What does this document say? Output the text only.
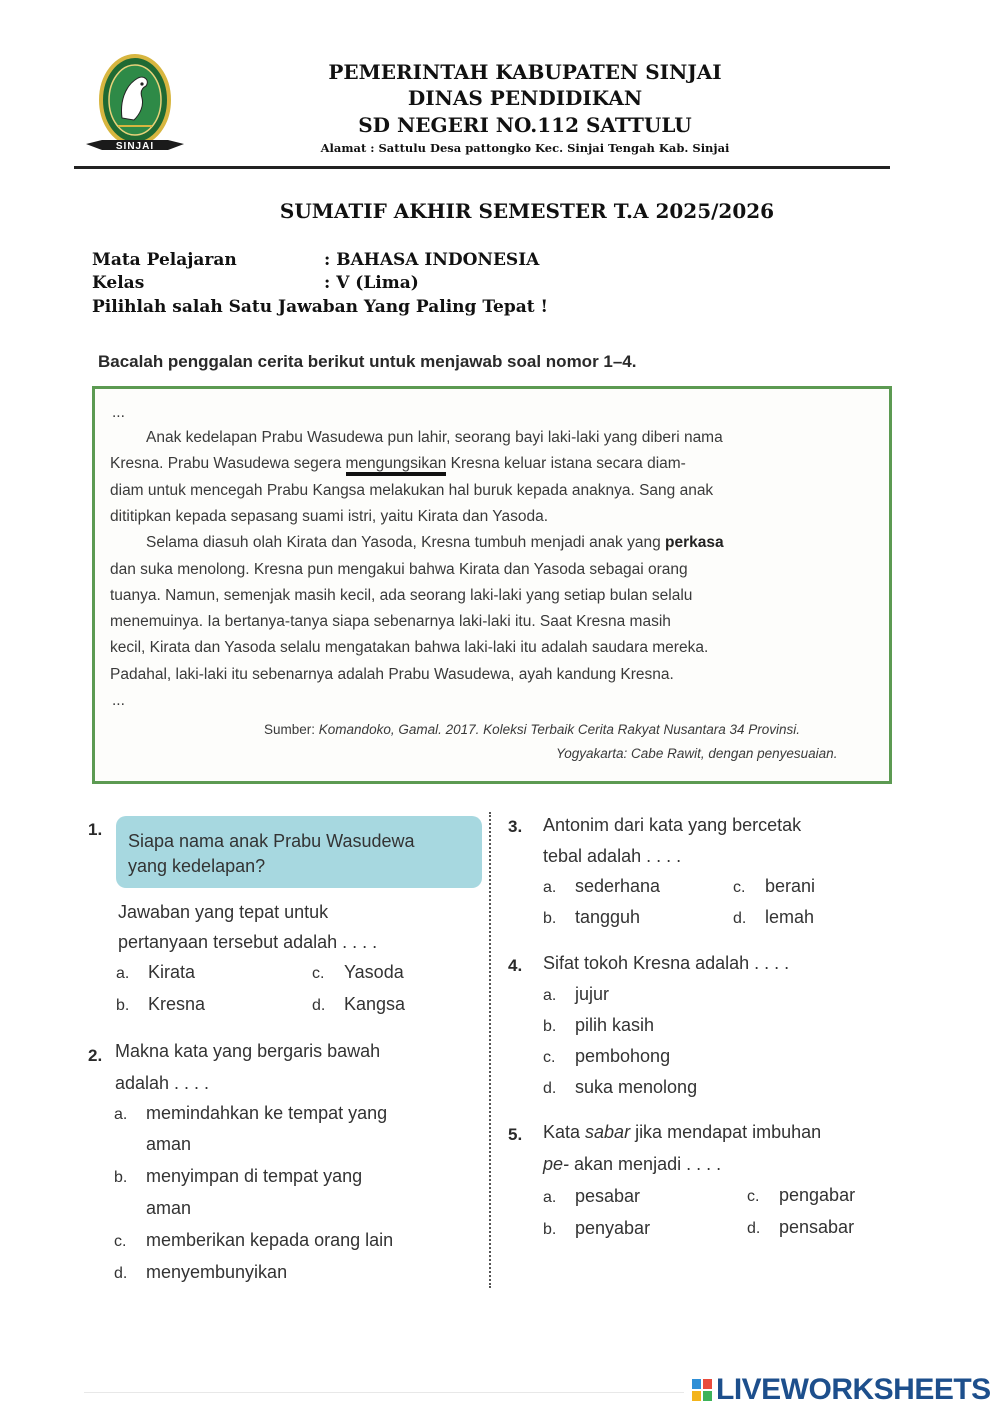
SINJAI
PEMERINTAH KABUPATEN SINJAI
DINAS PENDIDIKAN
SD NEGERI NO.112 SATTULU
Alamat : Sattulu Desa pattongko Kec. Sinjai Tengah Kab. Sinjai
SUMATIF AKHIR SEMESTER T.A 2025/2026
Mata Pelajaran	: BAHASA INDONESIA
Kelas	: V (Lima)
Pilihlah salah Satu Jawaban Yang Paling Tepat !
Bacalah penggalan cerita berikut untuk menjawab soal nomor 1–4.
...
Anak kedelapan Prabu Wasudewa pun lahir, seorang bayi laki-laki yang diberi nama
Kresna. Prabu Wasudewa segera mengungsikan Kresna keluar istana secara diam-
diam untuk mencegah Prabu Kangsa melakukan hal buruk kepada anaknya. Sang anak
dititipkan kepada sepasang suami istri, yaitu Kirata dan Yasoda.
Selama diasuh olah Kirata dan Yasoda, Kresna tumbuh menjadi anak yang perkasa
dan suka menolong. Kresna pun mengakui bahwa Kirata dan Yasoda sebagai orang
tuanya. Namun, semenjak masih kecil, ada seorang laki-laki yang setiap bulan selalu
menemuinya. Ia bertanya-tanya siapa sebenarnya laki-laki itu. Saat Kresna masih
kecil, Kirata dan Yasoda selalu mengatakan bahwa laki-laki itu adalah saudara mereka.
Padahal, laki-laki itu sebenarnya adalah Prabu Wasudewa, ayah kandung Kresna.
...
Sumber: Komandoko, Gamal. 2017. Koleksi Terbaik Cerita Rakyat Nusantara 34 Provinsi.
Yogyakarta: Cabe Rawit, dengan penyesuaian.
1.
Siapa nama anak Prabu Wasudewa
yang kedelapan?
Jawaban yang tepat untuk
pertanyaan tersebut adalah . . . .
a. Kirata	c. Yasoda
b. Kresna	d. Kangsa
2. Makna kata yang bergaris bawah
adalah . . . .
a. memindahkan ke tempat yang
aman
b. menyimpan di tempat yang
aman
c. memberikan kepada orang lain
d. menyembunyikan
3. Antonim dari kata yang bercetak
tebal adalah . . . .
a. sederhana	c. berani
b. tangguh	d. lemah
4. Sifat tokoh Kresna adalah . . . .
a. jujur
b. pilih kasih
c. pembohong
d. suka menolong
5. Kata sabar jika mendapat imbuhan
pe- akan menjadi . . . .
a. pesabar	c. pengabar
b. penyabar	d. pensabar
LIVEWORKSHEETS
